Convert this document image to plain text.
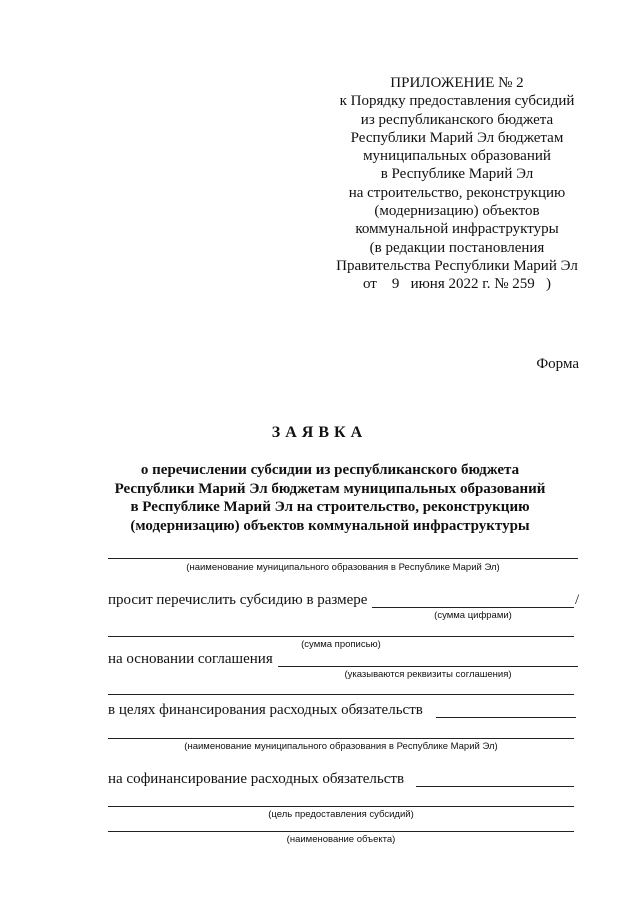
ПРИЛОЖЕНИЕ № 2
к Порядку предоставления субсидий
из республиканского бюджета
Республики Марий Эл бюджетам
муниципальных образований
в Республике Марий Эл
на строительство, реконструкцию
(модернизацию) объектов
коммунальной инфраструктуры
(в редакции постановления
Правительства Республики Марий Эл
от    9   июня 2022 г. № 259   )
Форма
ЗАЯВКА
о перечислении субсидии из республиканского бюджета
Республики Марий Эл бюджетам муниципальных образований
в Республике Марий Эл на строительство, реконструкцию
(модернизацию) объектов коммунальной инфраструктуры
(наименование муниципального образования в Республике Марий Эл)
просит перечислить субсидию в размере	/
(сумма цифрами)
(сумма прописью)
на основании соглашения
(указываются реквизиты соглашения)
в целях финансирования расходных обязательств
(наименование муниципального образования в Республике Марий Эл)
на софинансирование расходных обязательств
(цель предоставления субсидий)
(наименование объекта)
